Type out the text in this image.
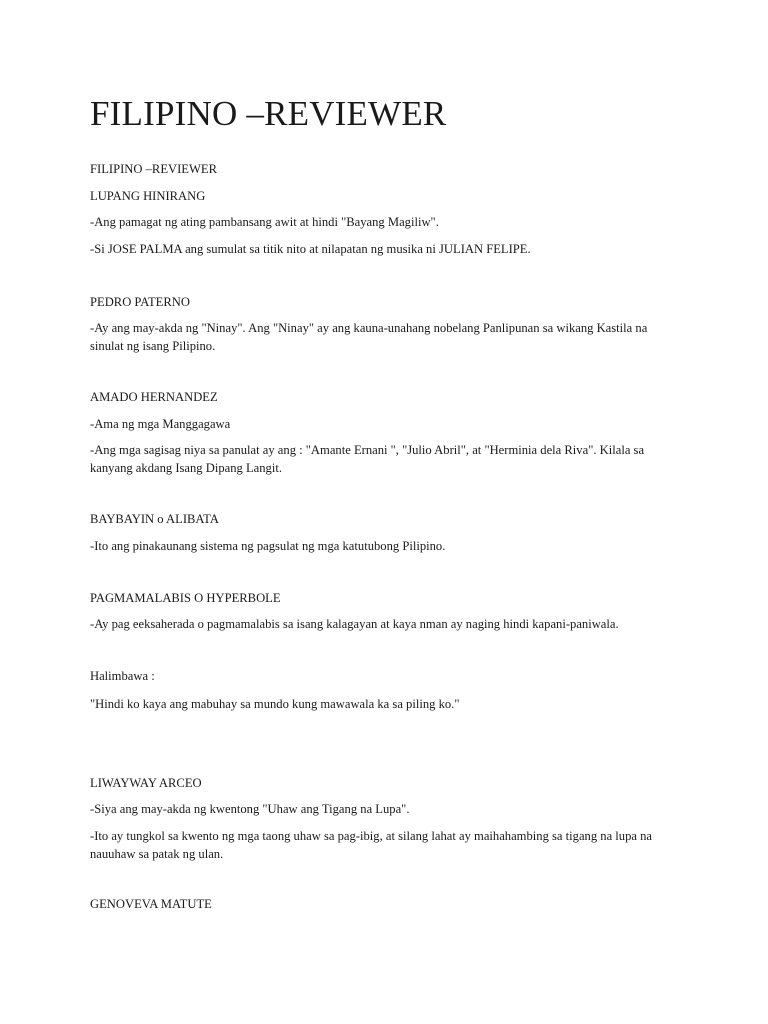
FILIPINO –REVIEWER

FILIPINO –REVIEWER

LUPANG HINIRANG

-Ang pamagat ng ating pambansang awit at hindi "Bayang Magiliw".

-Si JOSE PALMA ang sumulat sa titik nito at nilapatan ng musika ni JULIAN FELIPE.

PEDRO PATERNO

-Ay ang may-akda ng "Ninay". Ang "Ninay" ay ang kauna-unahang nobelang Panlipunan sa wikang Kastila na sinulat ng isang Pilipino.

AMADO HERNANDEZ

-Ama ng mga Manggagawa

-Ang mga sagisag niya sa panulat ay ang : "Amante Ernani ", "Julio Abril", at "Herminia dela Riva". Kilala sa kanyang akdang Isang Dipang Langit.

BAYBAYIN o ALIBATA

-Ito ang pinakaunang sistema ng pagsulat ng mga katutubong Pilipino.

PAGMAMALABIS O HYPERBOLE

-Ay pag eeksaherada o pagmamalabis sa isang kalagayan at kaya nman ay naging hindi kapani-paniwala.

Halimbawa :

"Hindi ko kaya ang mabuhay sa mundo kung mawawala ka sa piling ko."

LIWAYWAY ARCEO

-Siya ang may-akda ng kwentong "Uhaw ang Tigang na Lupa".

-Ito ay tungkol sa kwento ng mga taong uhaw sa pag-ibig, at silang lahat ay maihahambing sa tigang na lupa na nauuhaw sa patak ng ulan.

GENOVEVA MATUTE
